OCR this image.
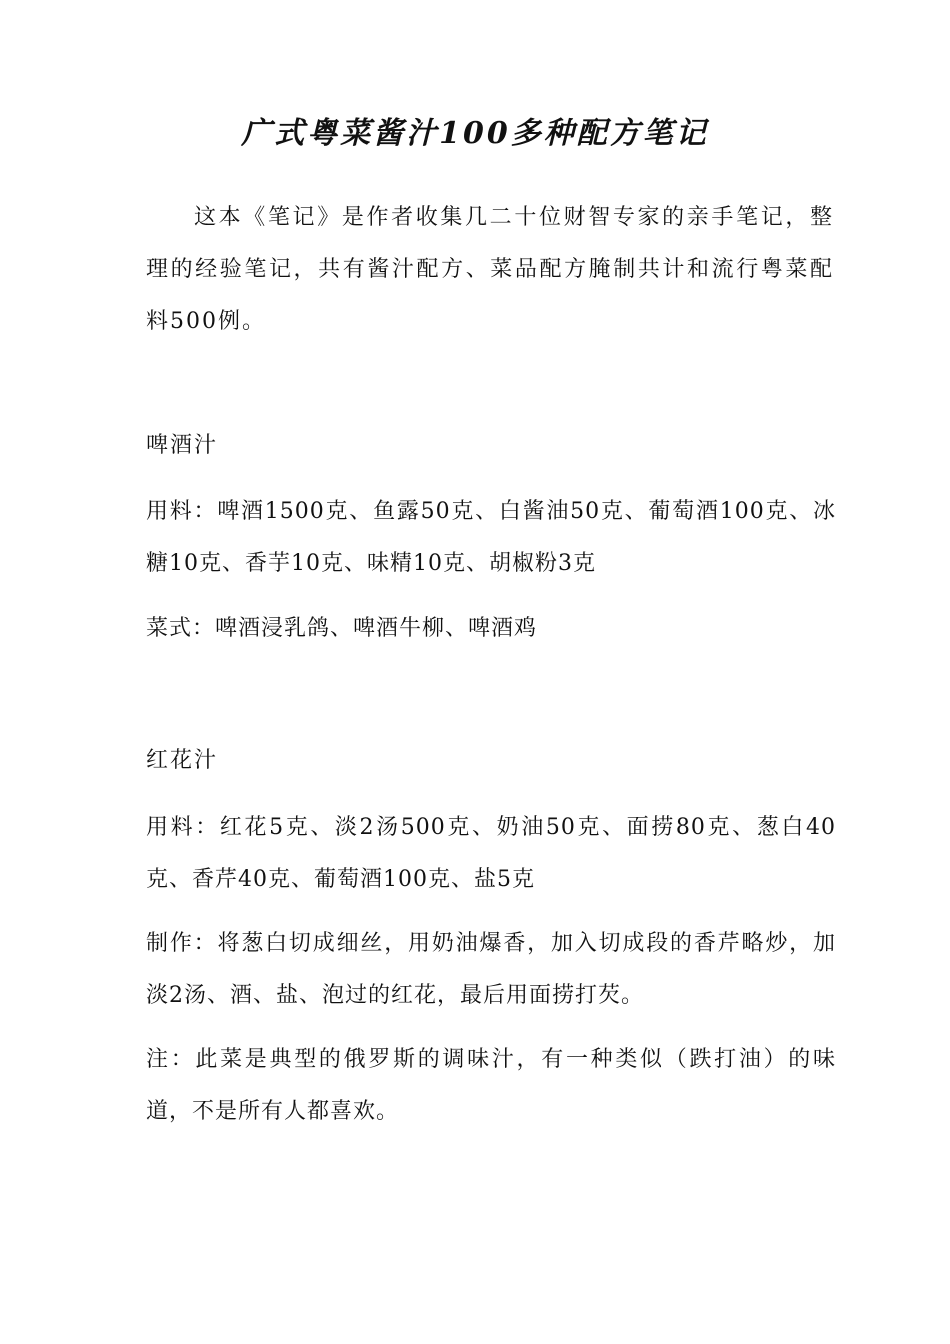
广式粤菜酱汁100多种配方笔记

这本《笔记》是作者收集几二十位财智专家的亲手笔记，整理的经验笔记，共有酱汁配方、菜品配方腌制共计和流行粤菜配料500例。

啤酒汁

用料：啤酒1500克、鱼露50克、白酱油50克、葡萄酒100克、冰糖10克、香芋10克、味精10克、胡椒粉3克

菜式：啤酒浸乳鸽、啤酒牛柳、啤酒鸡

红花汁

用料：红花5克、淡2汤500克、奶油50克、面捞80克、葱白40克、香芹40克、葡萄酒100克、盐5克

制作：将葱白切成细丝，用奶油爆香，加入切成段的香芹略炒，加淡2汤、酒、盐、泡过的红花，最后用面捞打芡。

注：此菜是典型的俄罗斯的调味汁，有一种类似（跌打油）的味道，不是所有人都喜欢。
